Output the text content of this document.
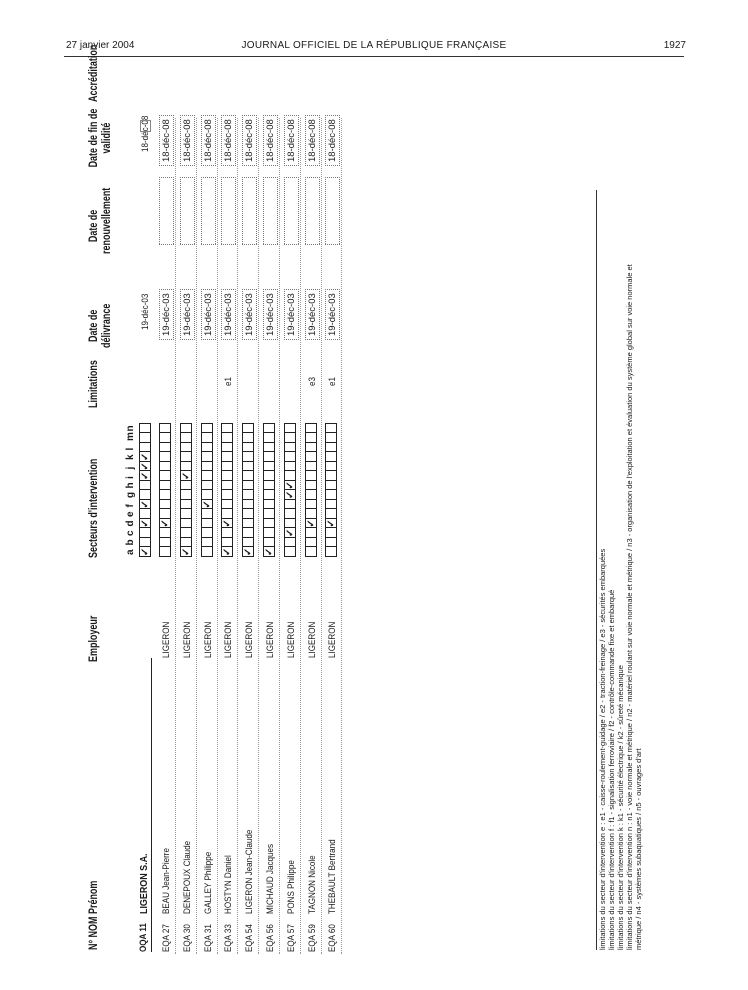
27 janvier 2004	JOURNAL OFFICIEL DE LA RÉPUBLIQUE FRANÇAISE	1927
N° NOM Prénom
Employeur
Secteurs d'intervention
Limitations
Date de délivrance
Date de renouvellement
Date de fin de validité
Accréditation
a
b
c
d
e
f
g
h
i
j
k
l
m
n
OQA 11
LIGERON S.A.
✓
✓
✓
✓
✓
✓
19-déc-03
18-déc-08
EQA 27
BEAU Jean-Pierre
LIGERON
✓
19-déc-03
18-déc-08
EQA 30
DENEPOUX Claude
LIGERON
✓
✓
19-déc-03
18-déc-08
EQA 31
GALLEY Philippe
LIGERON
✓
19-déc-03
18-déc-08
EQA 33
HOSTYN Daniel
LIGERON
✓
✓
e1
19-déc-03
18-déc-08
EQA 54
LIGERON Jean-Claude
LIGERON
✓
19-déc-03
18-déc-08
EQA 56
MICHAUD Jacques
LIGERON
✓
19-déc-03
18-déc-08
EQA 57
PONS Philippe
LIGERON
✓
✓
✓
19-déc-03
18-déc-08
EQA 59
TAGNON Nicole
LIGERON
✓
e3
19-déc-03
18-déc-08
EQA 60
THEBAULT Bertrand
LIGERON
✓
e1
19-déc-03
18-déc-08
limitations du secteur d'intervention e : e1 - caisse-roulement-guidage / e2 - traction-freinage / e3 - sécurités embarquées limitations du secteur d'intervention f : f1 - signalisation ferroviaire / f2 - contrôle-commande fixe et embarqué limitations du secteur d'intervention k : k1 - sécurité électrique / k2 - sûreté mécanique limitations du secteur d'intervention n : n1 - voie normale et métrique / n2 - matériel roulant sur voie normale et métrique / n3 - organisation de l'exploitation et évaluation du système global sur voie normale et métrique / n4 - systèmes subaquatiques / n5 - ouvrages d'art
